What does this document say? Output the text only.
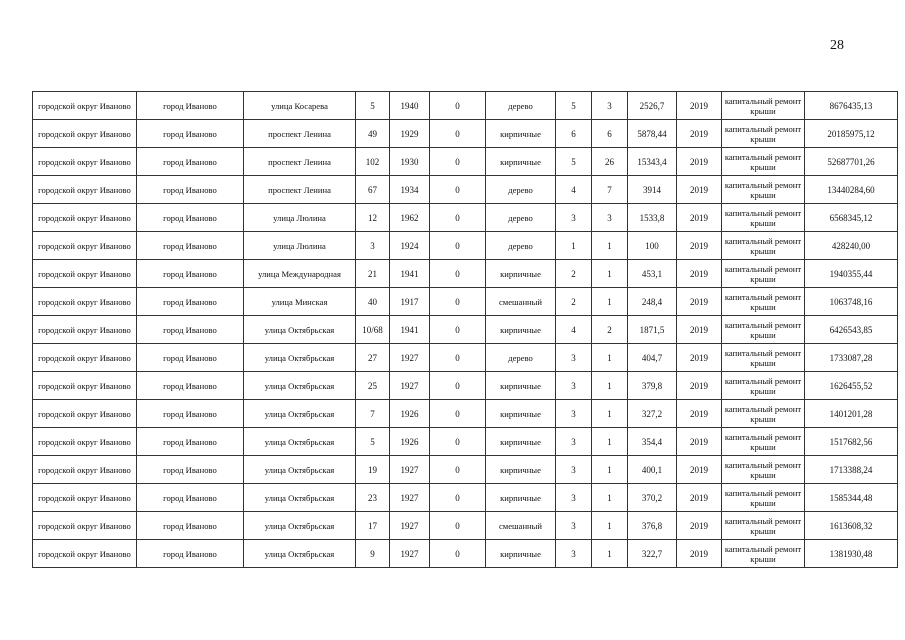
28
городской округ Иваново	город Иваново	улица Косарева	5	1940	0	дерево	5	3	2526,7	2019	капитальный ремонт крыши	8676435,13
городской округ Иваново	город Иваново	проспект Ленина	49	1929	0	кирпичные	6	6	5878,44	2019	капитальный ремонт крыши	20185975,12
городской округ Иваново	город Иваново	проспект Ленина	102	1930	0	кирпичные	5	26	15343,4	2019	капитальный ремонт крыши	52687701,26
городской округ Иваново	город Иваново	проспект Ленина	67	1934	0	дерево	4	7	3914	2019	капитальный ремонт крыши	13440284,60
городской округ Иваново	город Иваново	улица Люлина	12	1962	0	дерево	3	3	1533,8	2019	капитальный ремонт крыши	6568345,12
городской округ Иваново	город Иваново	улица Люлина	3	1924	0	дерево	1	1	100	2019	капитальный ремонт крыши	428240,00
городской округ Иваново	город Иваново	улица Международная	21	1941	0	кирпичные	2	1	453,1	2019	капитальный ремонт крыши	1940355,44
городской округ Иваново	город Иваново	улица Минская	40	1917	0	смешанный	2	1	248,4	2019	капитальный ремонт крыши	1063748,16
городской округ Иваново	город Иваново	улица Октябрьская	10/68	1941	0	кирпичные	4	2	1871,5	2019	капитальный ремонт крыши	6426543,85
городской округ Иваново	город Иваново	улица Октябрьская	27	1927	0	дерево	3	1	404,7	2019	капитальный ремонт крыши	1733087,28
городской округ Иваново	город Иваново	улица Октябрьская	25	1927	0	кирпичные	3	1	379,8	2019	капитальный ремонт крыши	1626455,52
городской округ Иваново	город Иваново	улица Октябрьская	7	1926	0	кирпичные	3	1	327,2	2019	капитальный ремонт крыши	1401201,28
городской округ Иваново	город Иваново	улица Октябрьская	5	1926	0	кирпичные	3	1	354,4	2019	капитальный ремонт крыши	1517682,56
городской округ Иваново	город Иваново	улица Октябрьская	19	1927	0	кирпичные	3	1	400,1	2019	капитальный ремонт крыши	1713388,24
городской округ Иваново	город Иваново	улица Октябрьская	23	1927	0	кирпичные	3	1	370,2	2019	капитальный ремонт крыши	1585344,48
городской округ Иваново	город Иваново	улица Октябрьская	17	1927	0	смешанный	3	1	376,8	2019	капитальный ремонт крыши	1613608,32
городской округ Иваново	город Иваново	улица Октябрьская	9	1927	0	кирпичные	3	1	322,7	2019	капитальный ремонт крыши	1381930,48
